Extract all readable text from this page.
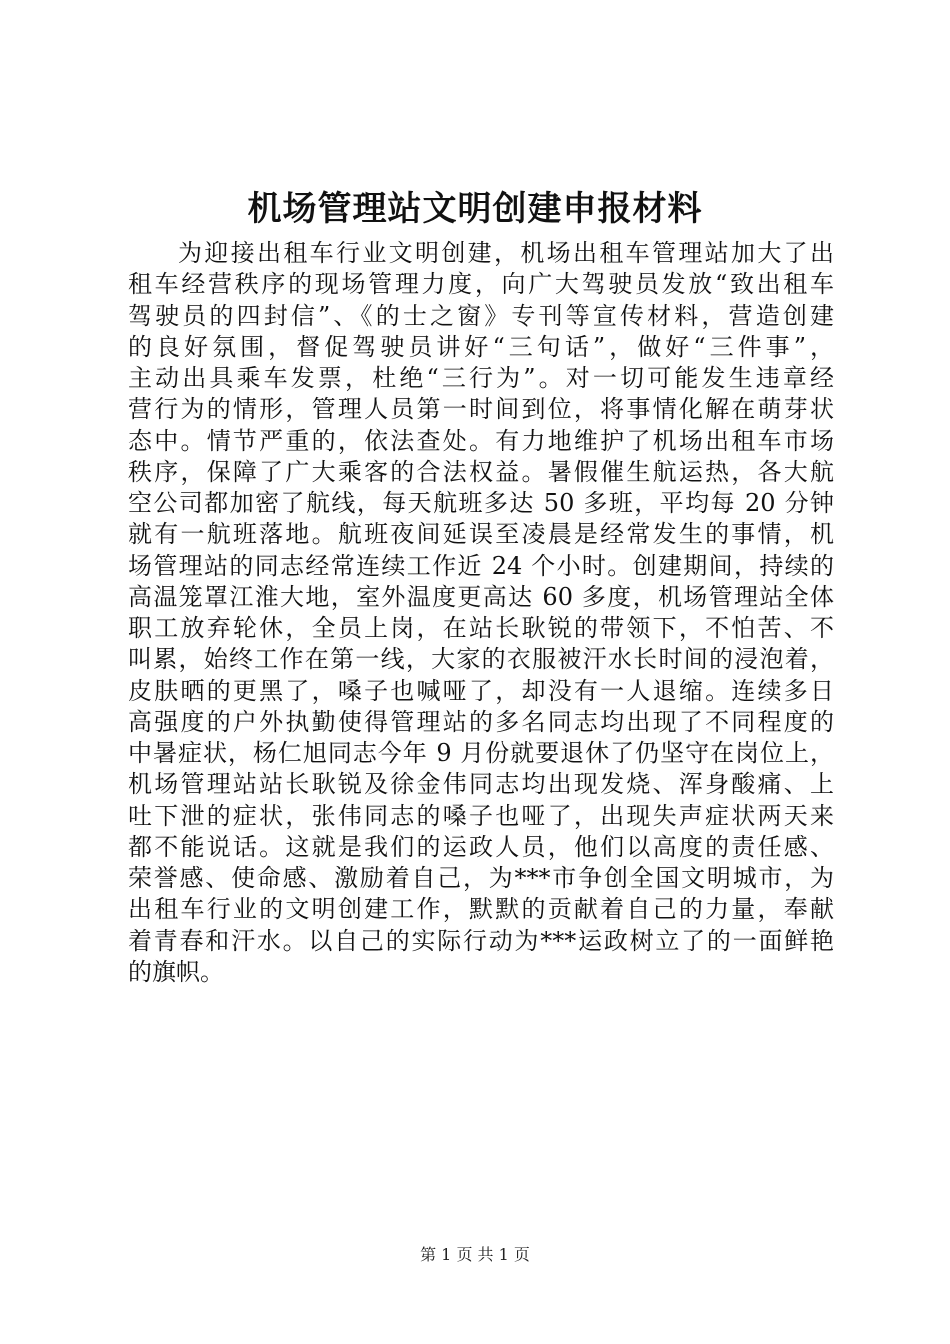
机场管理站文明创建申报材料
为迎接出租车行业文明创建，机场出租车管理站加大了出
租车经营秩序的现场管理力度，向广大驾驶员发放“致出租车
驾驶员的四封信”、《的士之窗》专刊等宣传材料，营造创建
的良好氛围，督促驾驶员讲好“三句话”，做好“三件事”，
主动出具乘车发票，杜绝“三行为”。对一切可能发生违章经
营行为的情形，管理人员第一时间到位，将事情化解在萌芽状
态中。情节严重的，依法查处。有力地维护了机场出租车市场
秩序，保障了广大乘客的合法权益。暑假催生航运热，各大航
空公司都加密了航线，每天航班多达 50 多班，平均每 20 分钟
就有一航班落地。航班夜间延误至凌晨是经常发生的事情，机
场管理站的同志经常连续工作近 24 个小时。创建期间，持续的
高温笼罩江淮大地，室外温度更高达 60 多度，机场管理站全体
职工放弃轮休，全员上岗，在站长耿锐的带领下，不怕苦、不
叫累，始终工作在第一线，大家的衣服被汗水长时间的浸泡着，
皮肤晒的更黑了，嗓子也喊哑了，却没有一人退缩。连续多日
高强度的户外执勤使得管理站的多名同志均出现了不同程度的
中暑症状，杨仁旭同志今年 9 月份就要退休了仍坚守在岗位上，
机场管理站站长耿锐及徐金伟同志均出现发烧、浑身酸痛、上
吐下泄的症状，张伟同志的嗓子也哑了，出现失声症状两天来
都不能说话。这就是我们的运政人员，他们以高度的责任感、
荣誉感、使命感、激励着自己，为***市争创全国文明城市，为
出租车行业的文明创建工作，默默的贡献着自己的力量，奉献
着青春和汗水。以自己的实际行动为***运政树立了的一面鲜艳
的旗帜。
第 1 页 共 1 页
